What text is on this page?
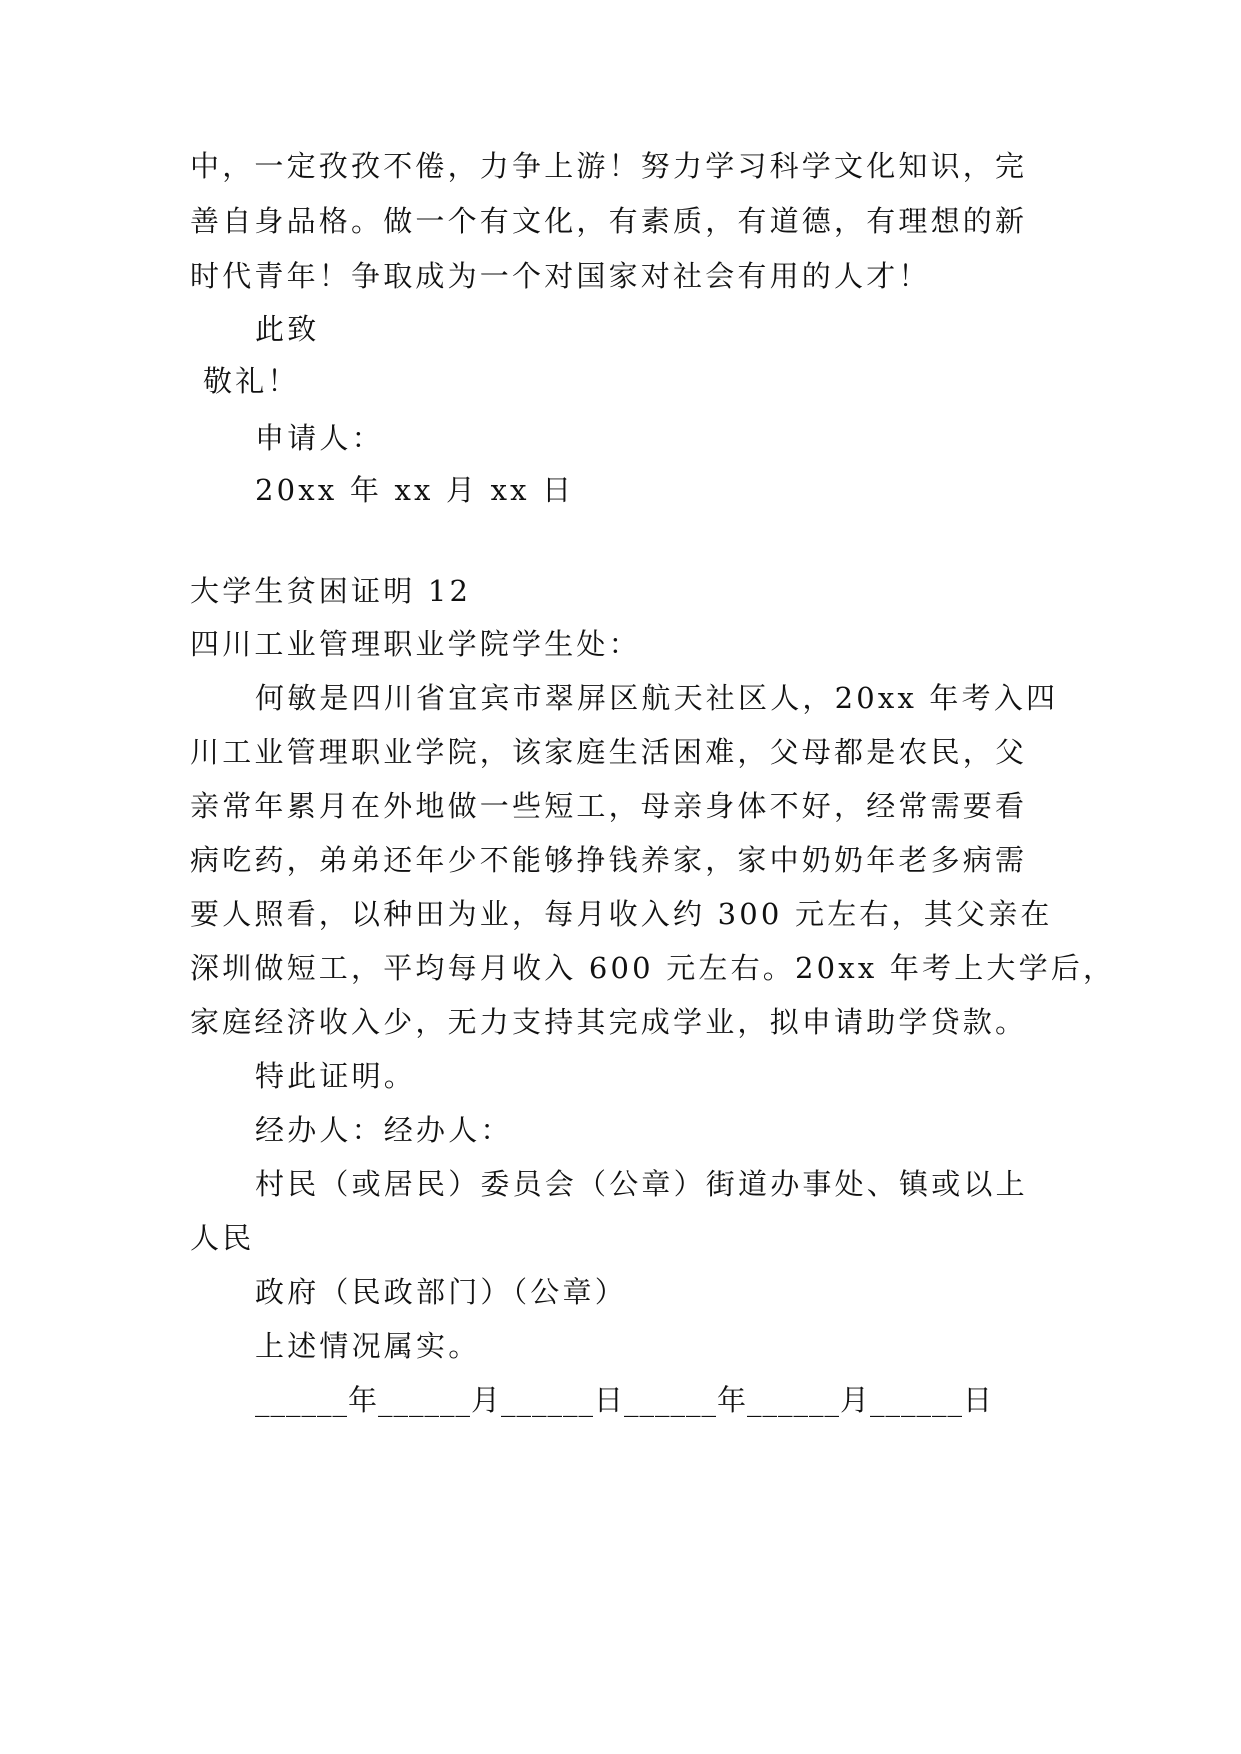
中，一定孜孜不倦，力争上游！努力学习科学文化知识，完
善自身品格。做一个有文化，有素质，有道德，有理想的新
时代青年！争取成为一个对国家对社会有用的人才！
此致
敬礼！
申请人：
20xx 年 xx 月 xx 日
大学生贫困证明 12
四川工业管理职业学院学生处：
何敏是四川省宜宾市翠屏区航天社区人，20xx 年考入四
川工业管理职业学院，该家庭生活困难，父母都是农民，父
亲常年累月在外地做一些短工，母亲身体不好，经常需要看
病吃药，弟弟还年少不能够挣钱养家，家中奶奶年老多病需
要人照看，以种田为业，每月收入约 300 元左右，其父亲在
深圳做短工，平均每月收入 600 元左右。20xx 年考上大学后，
家庭经济收入少，无力支持其完成学业，拟申请助学贷款。
特此证明。
经办人：经办人：
村民（或居民）委员会（公章）街道办事处、镇或以上
人民
政府（民政部门）（公章）
上述情况属实。
______年______月______日______年______月______日
